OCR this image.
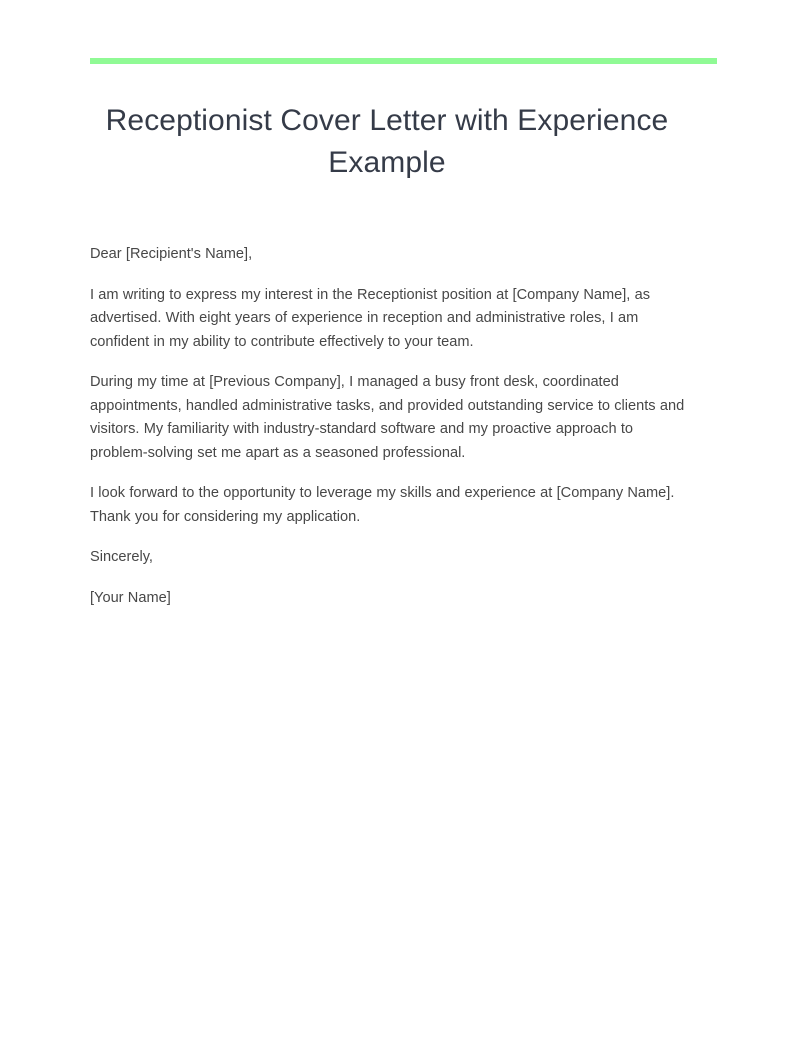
Receptionist Cover Letter with Experience Example

Dear [Recipient's Name],

I am writing to express my interest in the Receptionist position at [Company Name], as advertised. With eight years of experience in reception and administrative roles, I am confident in my ability to contribute effectively to your team.

During my time at [Previous Company], I managed a busy front desk, coordinated appointments, handled administrative tasks, and provided outstanding service to clients and visitors. My familiarity with industry-standard software and my proactive approach to problem-solving set me apart as a seasoned professional.

I look forward to the opportunity to leverage my skills and experience at [Company Name]. Thank you for considering my application.

Sincerely,

[Your Name]
